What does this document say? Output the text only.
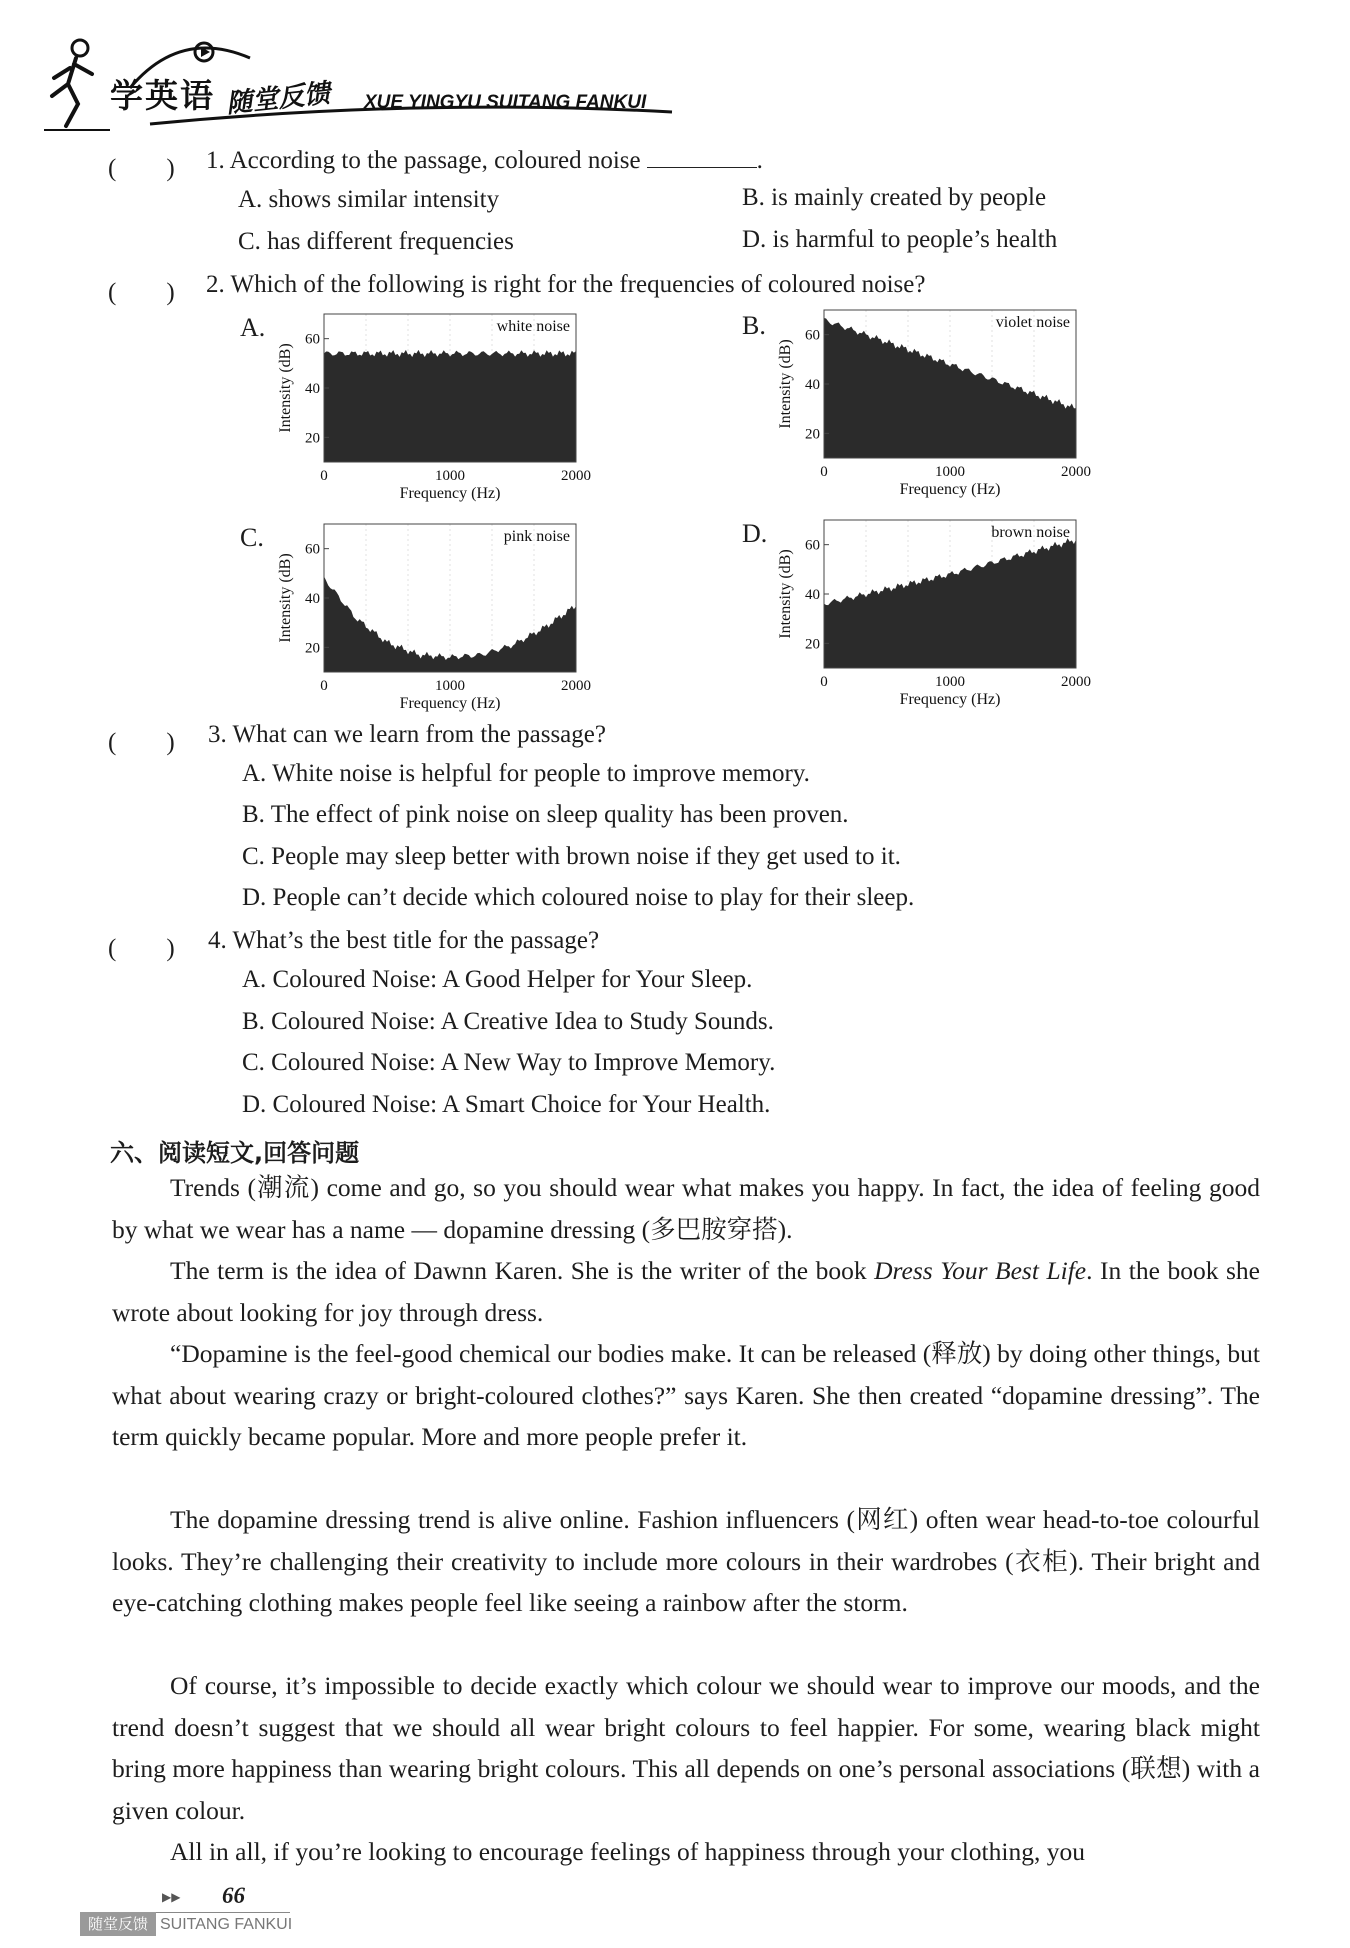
学英语 随堂反馈 XUE YINGYU SUITANG FANKUI
(　　) 1. According to the passage, coloured noise	.
A. shows similar intensity	B. is mainly created by people
C. has different frequencies	D. is harmful to people’s health
(　　) 2. Which of the following is right for the frequencies of coloured noise?
A.	white noise
20
40
60
0	1000	2000
Frequency (Hz)
Intensity (dB)
B.	violet noise
20
40
60
0	1000	2000
Frequency (Hz)
Intensity (dB)
C.	pink noise
20
40
60
0	1000	2000
Frequency (Hz)
Intensity (dB)
D.	brown noise
20
40
60
0	1000	2000
Frequency (Hz)
Intensity (dB)
(　　) 3. What can we learn from the passage?
A. White noise is helpful for people to improve memory.
B. The effect of pink noise on sleep quality has been proven.
C. People may sleep better with brown noise if they get used to it.
D. People can’t decide which coloured noise to play for their sleep.
(　　) 4. What’s the best title for the passage?
A. Coloured Noise: A Good Helper for Your Sleep.
B. Coloured Noise: A Creative Idea to Study Sounds.
C. Coloured Noise: A New Way to Improve Memory.
D. Coloured Noise: A Smart Choice for Your Health.
六、阅读短文,回答问题
Trends (潮流) come and go, so you should wear what makes you happy. In fact, the idea of feeling good by what we wear has a name — dopamine dressing (多巴胺穿搭).
The term is the idea of Dawnn Karen. She is the writer of the book Dress Your Best Life. In the book she wrote about looking for joy through dress.
“Dopamine is the feel-good chemical our bodies make. It can be released (释放) by doing other things, but what about wearing crazy or bright-coloured clothes?” says Karen. She then created “dopamine dressing”. The term quickly became popular. More and more people prefer it.
The dopamine dressing trend is alive online. Fashion influencers (网红) often wear head-to-toe colourful looks. They’re challenging their creativity to include more colours in their wardrobes (衣柜). Their bright and eye-catching clothing makes people feel like seeing a rainbow after the storm.
Of course, it’s impossible to decide exactly which colour we should wear to improve our moods, and the trend doesn’t suggest that we should all wear bright colours to feel happier. For some, wearing black might bring more happiness than wearing bright colours. This all depends on one’s personal associations (联想) with a given colour.
All in all, if you’re looking to encourage feelings of happiness through your clothing, you
▶▶ 66
随堂反馈 SUITANG FANKUI
